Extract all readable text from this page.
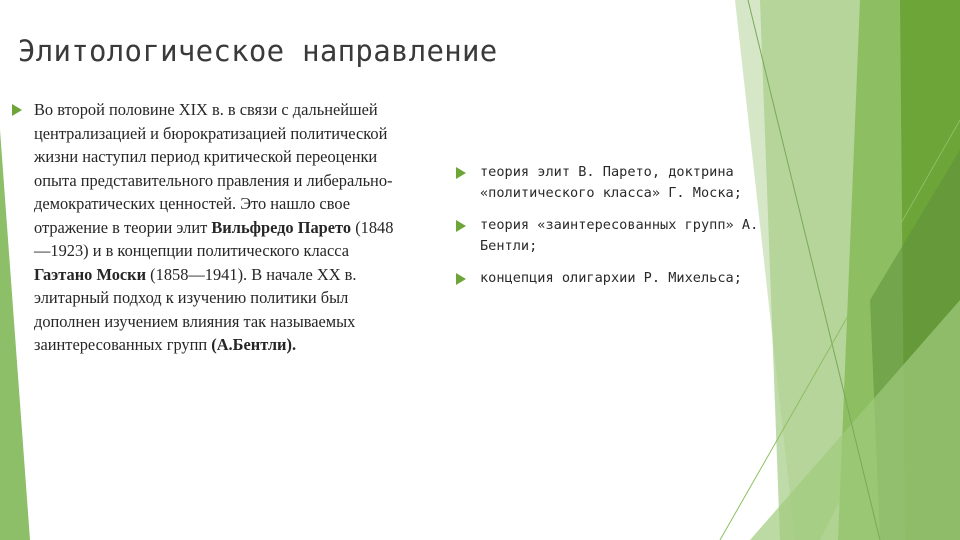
Элитологическое направление
Во второй половине XIX в. в связи с дальнейшей централизацией и бюрократизацией политической жизни наступил период критической переоценки опыта представительного правления и либерально-демократических ценностей. Это нашло свое отражение в теории элит Вильфредо Парето (1848—1923) и в концепции политического класса Гаэтано Моски (1858—1941). В начале XX в. элитарный подход к изучению политики был дополнен изучением влияния так называемых заинтересованных групп (А.Бентли).
теория элит В. Парето, доктрина «политического класса» Г. Моска;
теория «заинтересованных групп» А. Бентли;
концепция олигархии Р. Михельса;
